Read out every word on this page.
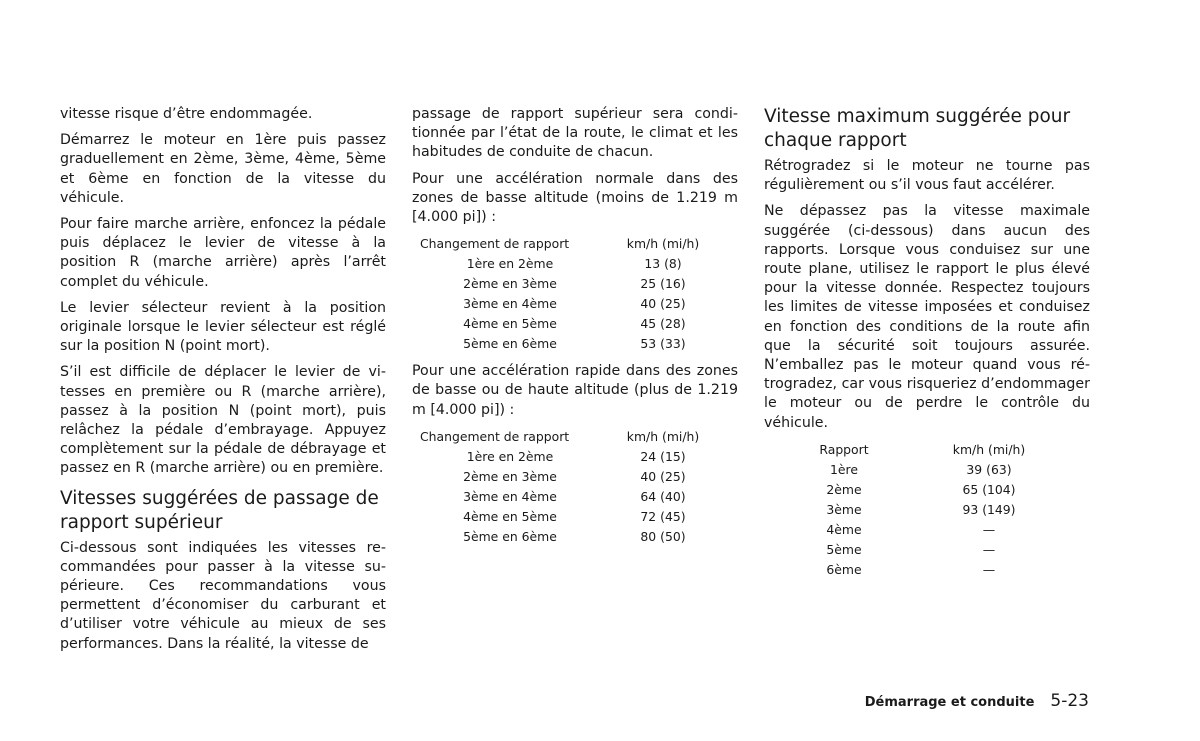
vitesse risque d’être endommagée.

Démarrez le moteur en 1ère puis passez graduellement en 2ème, 3ème, 4ème, 5ème et 6ème en fonction de la vitesse du véhicule.

Pour faire marche arrière, enfoncez la pédale puis déplacez le levier de vitesse à la position R (marche arrière) après l’arrêt complet du véhicule.

Le levier sélecteur revient à la position originale lorsque le levier sélecteur est réglé sur la position N (point mort).

S’il est difficile de déplacer le levier de vitesses en première ou R (marche arrière), passez à la position N (point mort), puis relâchez la pédale d’embrayage. Appuyez complètement sur la pédale de débrayage et passez en R (marche arrière) ou en première.

Vitesses suggérées de passage de rapport supérieur

Ci-dessous sont indiquées les vitesses recommandées pour passer à la vitesse supérieure. Ces recommandations vous permettent d’économiser du carburant et d’utiliser votre véhicule au mieux de ses performances. Dans la réalité, la vitesse de

passage de rapport supérieur sera conditionnée par l’état de la route, le climat et les habitudes de conduite de chacun.

Pour une accélération normale dans des zones de basse altitude (moins de 1.219 m [4.000 pi]) :

Changement de rapport	km/h (mi/h)
1ère en 2ème	13 (8)
2ème en 3ème	25 (16)
3ème en 4ème	40 (25)
4ème en 5ème	45 (28)
5ème en 6ème	53 (33)

Pour une accélération rapide dans des zones de basse ou de haute altitude (plus de 1.219 m [4.000 pi]) :

Changement de rapport	km/h (mi/h)
1ère en 2ème	24 (15)
2ème en 3ème	40 (25)
3ème en 4ème	64 (40)
4ème en 5ème	72 (45)
5ème en 6ème	80 (50)
Vitesse maximum suggérée pour chaque rapport

Rétrogradez si le moteur ne tourne pas régulièrement ou s’il vous faut accélérer.

Ne dépassez pas la vitesse maximale suggérée (ci-dessous) dans aucun des rapports. Lorsque vous conduisez sur une route plane, utilisez le rapport le plus élevé pour la vitesse donnée. Respectez toujours les limites de vitesse imposées et conduisez en fonction des conditions de la route afin que la sécurité soit toujours assurée. N’emballez pas le moteur quand vous rétrogradez, car vous risqueriez d’endommager le moteur ou de perdre le contrôle du véhicule.

Rapport	km/h (mi/h)
1ère	39 (63)
2ème	65 (104)
3ème	93 (149)
4ème	—
5ème	—
6ème	—
Démarrage et conduite 5-23
